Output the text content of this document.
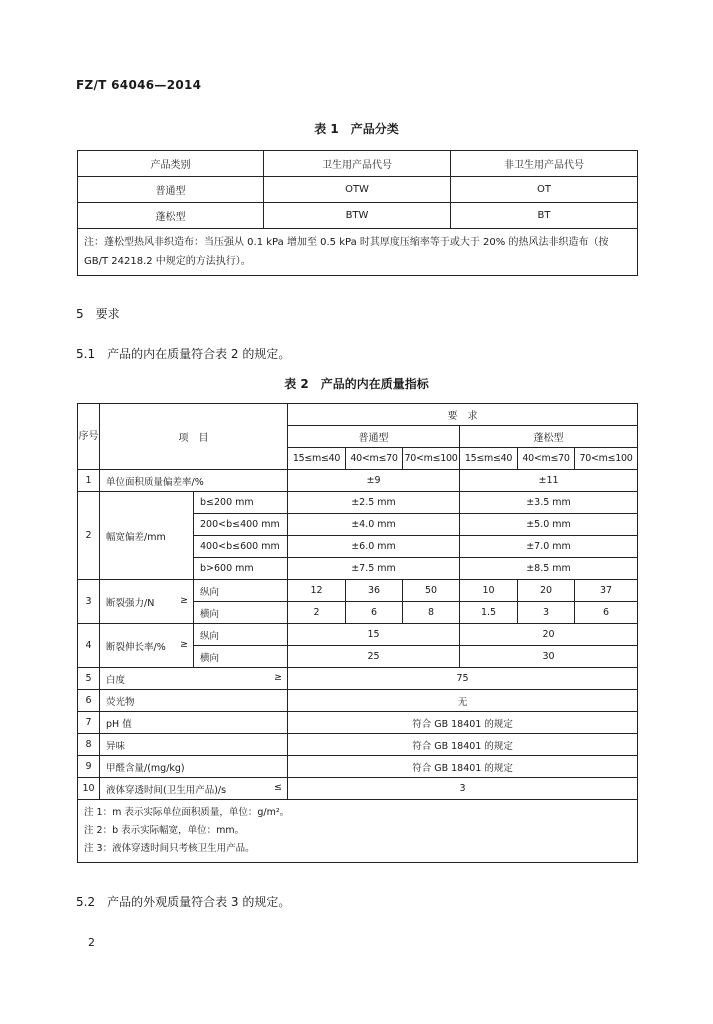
FZ/T 64046—2014
表 1　产品分类
产品类别	卫生用产品代号	非卫生用产品代号
普通型	OTW	OT
蓬松型	BTW	BT
注：蓬松型热风非织造布：当压强从 0.1 kPa 增加至 0.5 kPa 时其厚度压缩率等于或大于 20% 的热风法非织造布（按 GB/T 24218.2 中规定的方法执行）。		
5　要求
5.1　产品的内在质量符合表 2 的规定。
表 2　产品的内在质量指标
序号	项　目		要　求					
			普通型			蓬松型		
			15≤m≤40	40<m≤70	70<m≤100	15≤m≤40	40<m≤70	70<m≤100
1	单位面积质量偏差率/%		±9			±11		
2	幅宽偏差/mm	b≤200 mm	±2.5 mm			±3.5 mm		
		200<b≤400 mm	±4.0 mm			±5.0 mm		
		400<b≤600 mm	±6.0 mm			±7.0 mm		
		b>600 mm	±7.5 mm			±8.5 mm		
3	断裂强力/N ≥	纵向	12	36	50	10	20	37
		横向	2	6	8	1.5	3	6
4	断裂伸长率/% ≥	纵向	15			20		
		横向	25			30		
5	白度 ≥		75					
6	荧光物		无					
7	pH 值		符合 GB 18401 的规定					
8	异味		符合 GB 18401 的规定					
9	甲醛含量/(mg/kg)		符合 GB 18401 的规定					
10	液体穿透时间(卫生用产品)/s ≤		3					

注 1：m 表示实际单位面积质量，单位：g/m²。
注 2：b 表示实际幅宽，单位：mm。
注 3：液体穿透时间只考核卫生用产品。								
5.2　产品的外观质量符合表 3 的规定。
2
